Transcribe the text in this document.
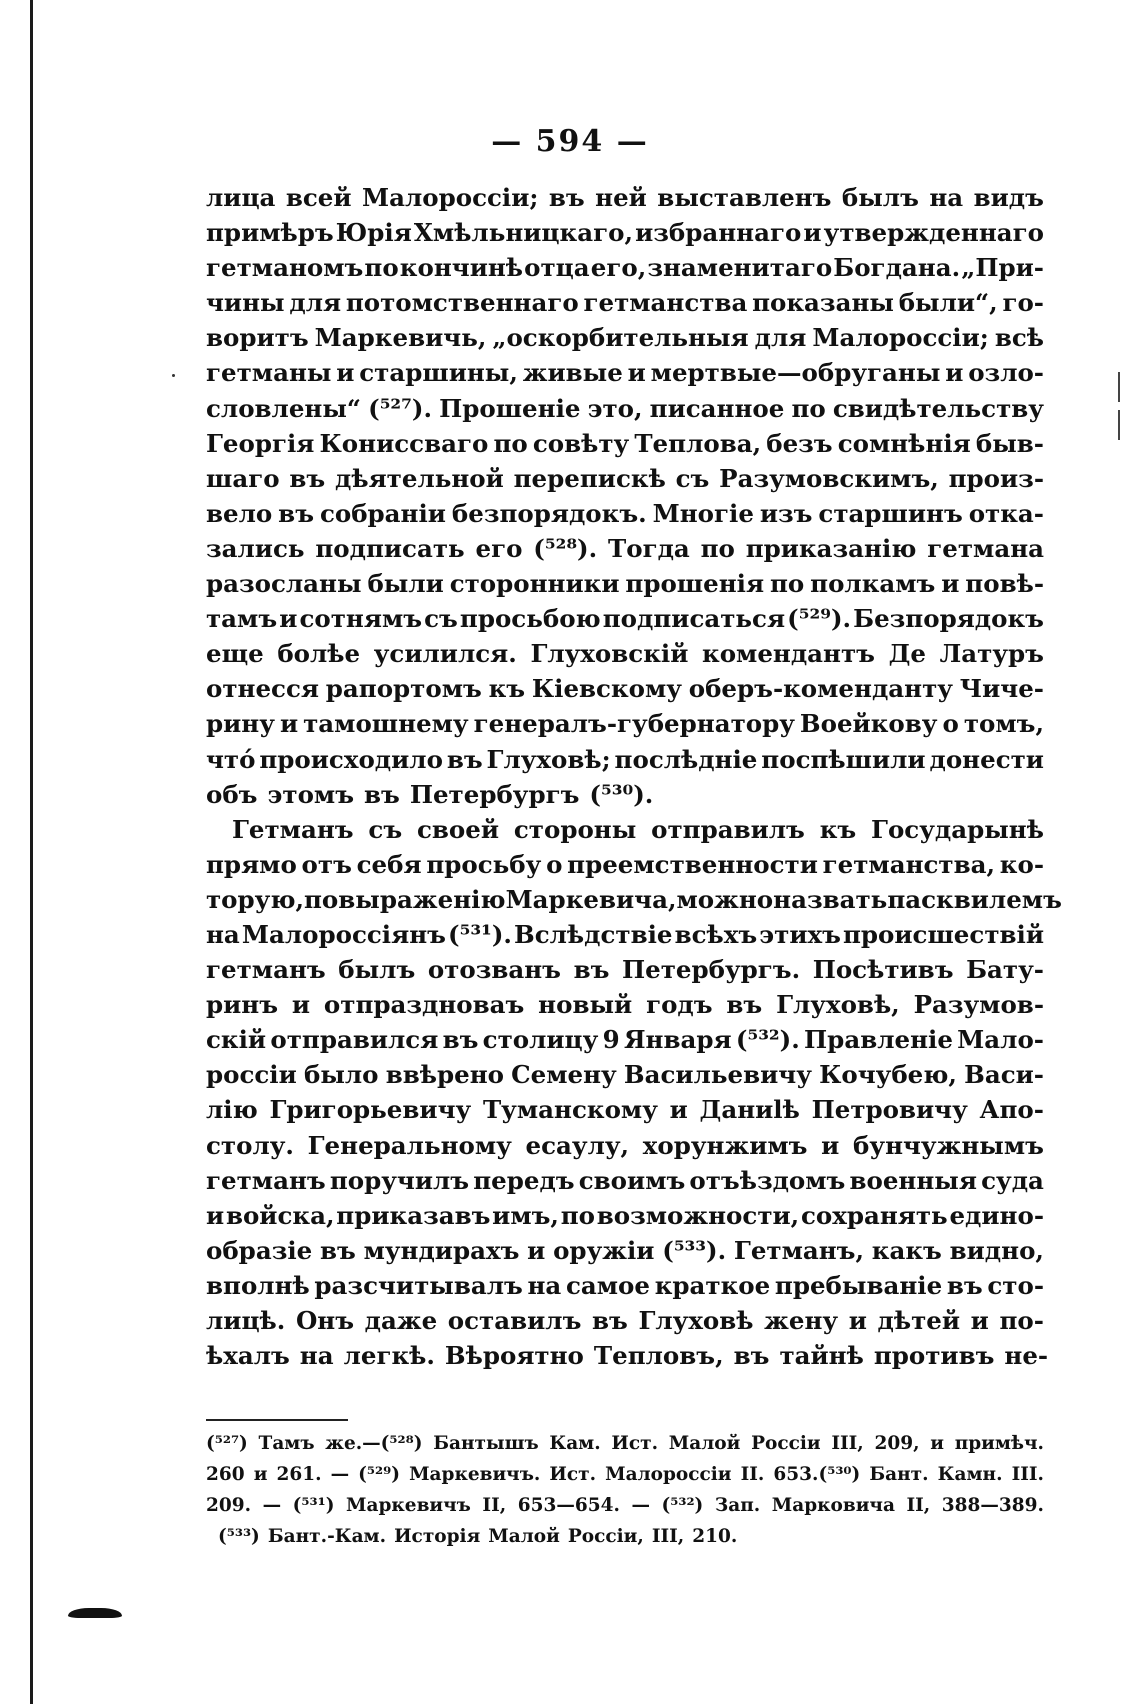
— 594 —
лица всей Малороссіи; въ ней выставленъ былъ на видъ
примѣръ Юрія Хмѣльницкаго, избраннаго и утвержденнаго
гетманомъ по кончинѣ отца его, знаменитаго Богдана. „При-
чины для потомственнаго гетманства показаны были“, го-
воритъ Маркевичь, „оскорбительныя для Малороссіи; всѣ
гетманы и старшины, живые и мертвые—обруганы и озло-
словлены“ (⁵²⁷). Прошеніе это, писанное по свидѣтельству
Георгія Кониссваго по совѣту Теплова, безъ сомнѣнія быв-
шаго въ дѣятельной перепискѣ съ Разумовскимъ, произ-
вело въ собраніи безпорядокъ. Многіе изъ старшинъ отка-
зались подписать его (⁵²⁸). Тогда по приказанію гетмана
разосланы были сторонники прошенія по полкамъ и повѣ-
тамъ и сотнямъ съ просьбою подписаться (⁵²⁹). Безпорядокъ
еще болѣе усилился. Глуховскій комендантъ Де Латуръ
отнесся рапортомъ къ Кіевскому оберъ-коменданту Чиче-
рину и тамошнему генералъ-губернатору Воейкову о томъ,
что́ происходило въ Глуховѣ; послѣдніе поспѣшили донести
объ этомъ въ Петербургъ (⁵³⁰).
Гетманъ съ своей стороны отправилъ къ Государынѣ
прямо отъ себя просьбу о преемственности гетманства, ко-
торую, по выраженію Маркевича, можно назвать пасквилемъ
на Малороссіянъ (⁵³¹). Вслѣдствіе всѣхъ этихъ происшествій
гетманъ былъ отозванъ въ Петербургъ. Посѣтивъ Бату-
ринъ и отпраздноваъ новый годъ въ Глуховѣ, Разумов-
скій отправился въ столицу 9 Января (⁵³²). Правленіе Мало-
россіи было ввѣрено Семену Васильевичу Кочубею, Васи-
лію Григорьевичу Туманскому и Даниlѣ Петровичу Апо-
столу. Генеральному есаулу, хорунжимъ и бунчужнымъ
гетманъ поручилъ передъ своимъ отъѣздомъ военныя суда
и войска, приказавъ имъ, по возможности, сохранять едино-
образіе въ мундирахъ и оружіи (⁵³³). Гетманъ, какъ видно,
вполнѣ разсчитывалъ на самое краткое пребываніе въ сто-
лицѣ. Онъ даже оставилъ въ Глуховѣ жену и дѣтей и по-
ѣхалъ на легкѣ. Вѣроятно Тепловъ, въ тайнѣ противъ не-
(⁵²⁷) Тамъ же.—(⁵²⁸) Бантышъ Кам. Ист. Малой Россіи III, 209, и примѣч.
260 и 261. — (⁵²⁹) Маркевичъ. Ист. Малороссіи II. 653.(⁵³⁰) Бант. Камн. III.
209. — (⁵³¹) Маркевичъ II, 653—654. — (⁵³²) Зап. Марковича II, 388—389.
(⁵³³) Бант.-Кам. Исторія Малой Россіи, III, 210.
